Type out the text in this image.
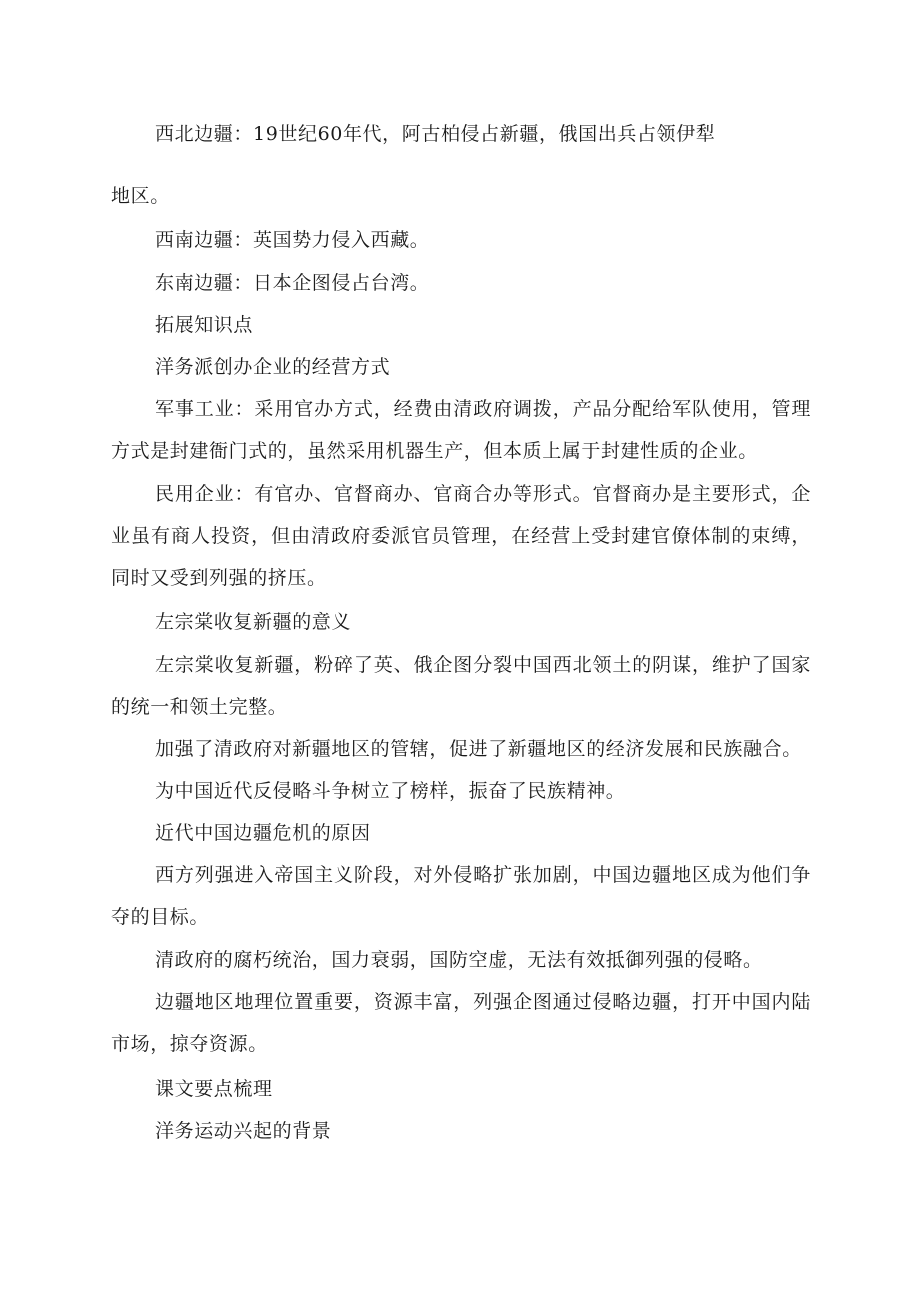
西北边疆：19世纪60年代，阿古柏侵占新疆，俄国出兵占领伊犁

地区。

西南边疆：英国势力侵入西藏。

东南边疆：日本企图侵占台湾。

拓展知识点

洋务派创办企业的经营方式

军事工业：采用官办方式，经费由清政府调拨，产品分配给军队使用，管理方式是封建衙门式的，虽然采用机器生产，但本质上属于封建性质的企业。

民用企业：有官办、官督商办、官商合办等形式。官督商办是主要形式，企业虽有商人投资，但由清政府委派官员管理，在经营上受封建官僚体制的束缚，同时又受到列强的挤压。

左宗棠收复新疆的意义

左宗棠收复新疆，粉碎了英、俄企图分裂中国西北领土的阴谋，维护了国家的统一和领土完整。

加强了清政府对新疆地区的管辖，促进了新疆地区的经济发展和民族融合。

为中国近代反侵略斗争树立了榜样，振奋了民族精神。

近代中国边疆危机的原因

西方列强进入帝国主义阶段，对外侵略扩张加剧，中国边疆地区成为他们争夺的目标。

清政府的腐朽统治，国力衰弱，国防空虚，无法有效抵御列强的侵略。

边疆地区地理位置重要，资源丰富，列强企图通过侵略边疆，打开中国内陆市场，掠夺资源。

课文要点梳理

洋务运动兴起的背景
